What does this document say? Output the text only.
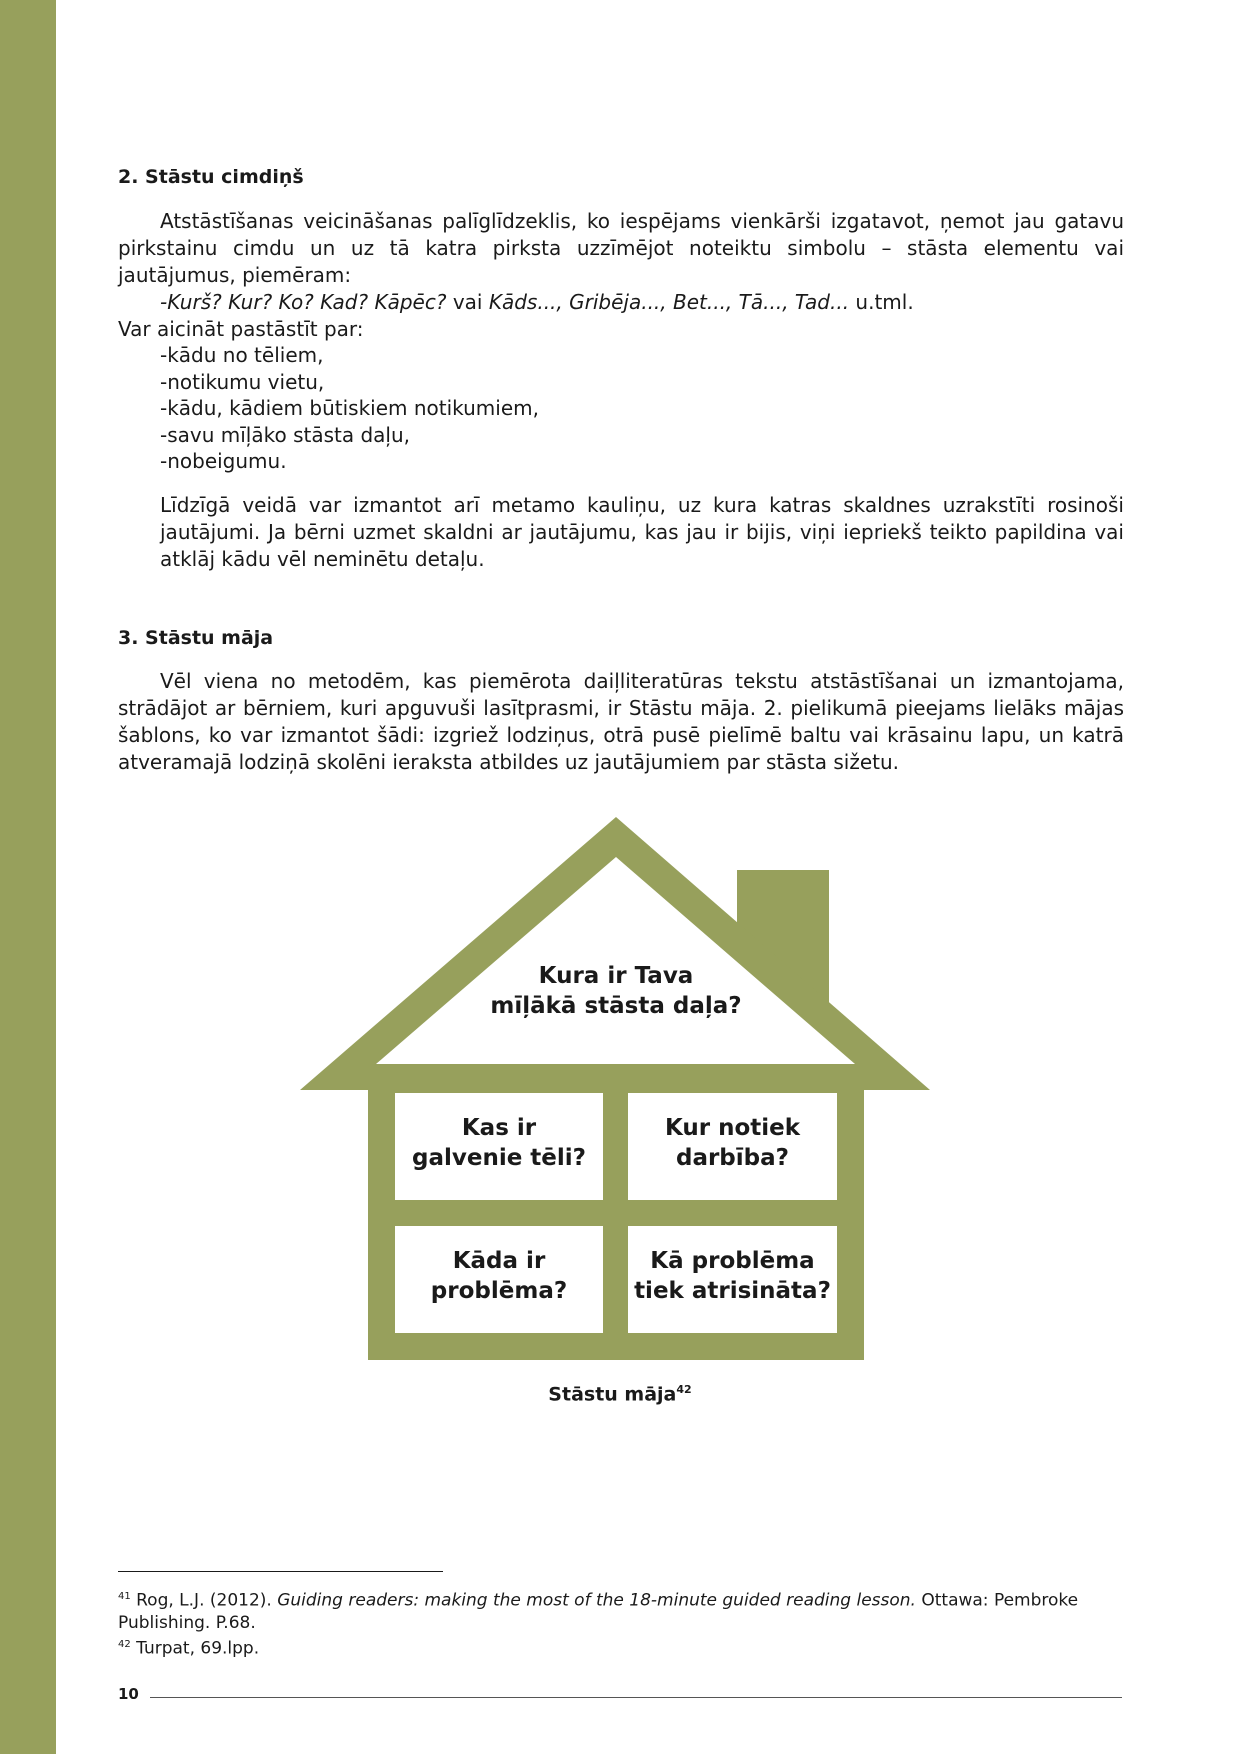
2. Stāstu cimdiņš

Atstāstīšanas veicināšanas palīglīdzeklis, ko iespējams vienkārši izgatavot, ņemot jau gatavu pirkstainu cimdu un uz tā katra pirksta uzzīmējot noteiktu simbolu – stāsta elementu vai jautājumus, piemēram:

-Kurš? Kur? Ko? Kad? Kāpēc? vai Kāds..., Gribēja..., Bet..., Tā..., Tad... u.tml.

Var aicināt pastāstīt par:

-kādu no tēliem,
-notikumu vietu,
-kādu, kādiem būtiskiem notikumiem,
-savu mīļāko stāsta daļu,
-nobeigumu.

Līdzīgā veidā var izmantot arī metamo kauliņu, uz kura katras skaldnes uzrakstīti rosinoši jautājumi. Ja bērni uzmet skaldni ar jautājumu, kas jau ir bijis, viņi iepriekš teikto papildina vai atklāj kādu vēl neminētu detaļu.

3. Stāstu māja

Vēl viena no metodēm, kas piemērota daiļliteratūras tekstu atstāstīšanai un izmantojama, strādājot ar bērniem, kuri apguvuši lasītprasmi, ir Stāstu māja. 2. pielikumā pieejams lielāks mājas šablons, ko var izmantot šādi: izgriež lodziņus, otrā pusē pielīmē baltu vai krāsainu lapu, un katrā atveramajā lodziņā skolēni ieraksta atbildes uz jautājumiem par stāsta sižetu.

Kura ir Tava
mīļākā stāsta daļa?
Kas ir
galvenie tēli?
Kur notiek
darbība?
Kāda ir
problēma?
Kā problēma
tiek atrisināta?
Stāstu māja$^{42}$

$^{41}$ Rog, L.J. (2012). Guiding readers: making the most of the 18-minute guided reading lesson. Ottawa: Pembroke Publishing. P.68.

$^{42}$ Turpat, 69.lpp.

10
